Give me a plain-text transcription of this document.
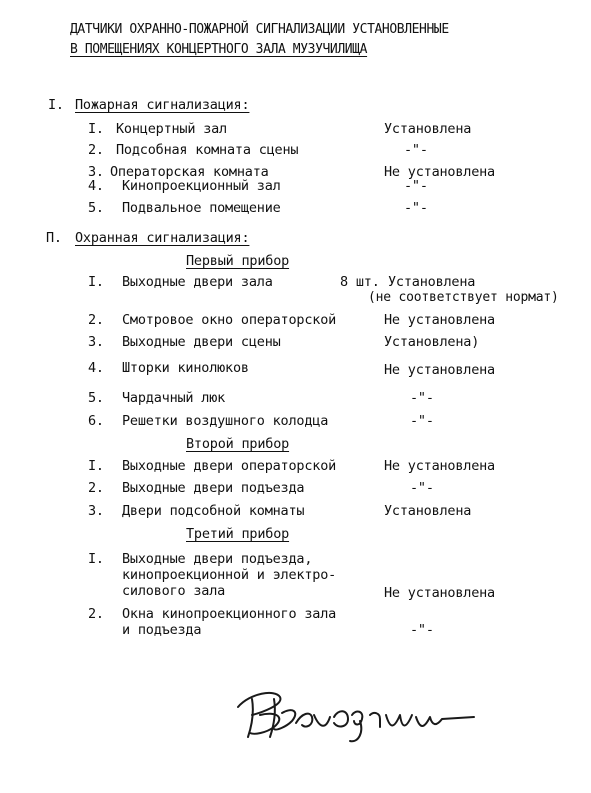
ДАТЧИКИ ОХРАННО-ПОЖАРНОЙ СИГНАЛИЗАЦИИ УСТАНОВЛЕННЫЕ
В ПОМЕЩЕНИЯХ КОНЦЕРТНОГО ЗАЛА МУЗУЧИЛИЩА
I. Пожарная сигнализация:
I. Концертный зал	Установлена
2. Подсобная комната сцены	-"-
3. Операторская комната	Не установлена
4. Кинопроекционный зал	-"-
5. Подвальное помещение	-"-
П. Охранная сигнализация:
Первый прибор
I. Выходные двери зала	8 шт. Установлена
(не соответствует нормат)
2. Смотровое окно операторской	Не установлена
3. Выходные двери сцены	Установлена)
4. Шторки кинолюков	Не установлена
5. Чардачный люк	-"-
6. Решетки воздушного колодца	-"-
Второй прибор
I. Выходные двери операторской	Не установлена
2. Выходные двери подъезда	-"-
3. Двери подсобной комнаты	Установлена
Третий прибор
I. Выходные двери подъезда,
кинопроекционной и электро-
силового зала	Не установлена
2. Окна кинопроекционного зала
и подъезда	-"-
